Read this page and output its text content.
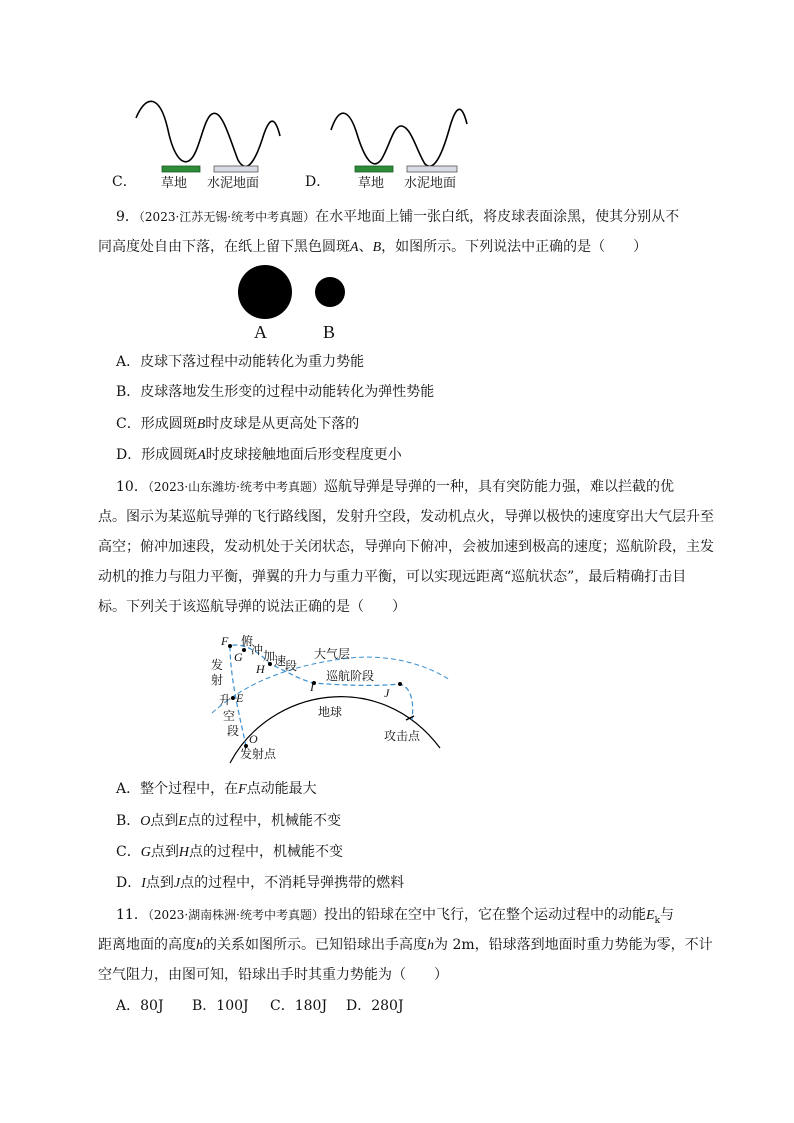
C．	D．
草地 水泥地面	草地 水泥地面
9．（2023·江苏无锡·统考中考真题）在水平地面上铺一张白纸，将皮球表面涂黑，使其分别从不
同高度处自由下落，在纸上留下黑色圆斑A、B，如图所示。下列说法中正确的是（　　）
A	B
A．皮球下落过程中动能转化为重力势能
B．皮球落地发生形变的过程中动能转化为弹性势能
C．形成圆斑B时皮球是从更高处下落的
D．形成圆斑A时皮球接触地面后形变程度更小
10．（2023·山东潍坊·统考中考真题）巡航导弹是导弹的一种，具有突防能力强，难以拦截的优
点。图示为某巡航导弹的飞行路线图，发射升空段，发动机点火，导弹以极快的速度穿出大气层升至
高空；俯冲加速段，发动机处于关闭状态，导弹向下俯冲，会被加速到极高的速度；巡航阶段，主发
动机的推力与阻力平衡，弹翼的升力与重力平衡，可以实现远距离“巡航状态”，最后精确打击目
标。下列关于该巡航导弹的说法正确的是（　　）
F
G
H
E
O
I	J
俯
冲 加
速
段
发
射
升
空
段
大气层
巡航阶段
地球
发射点
攻击点
A．整个过程中，在F点动能最大
B．O点到E点的过程中，机械能不变
C．G点到H点的过程中，机械能不变
D．I点到J点的过程中，不消耗导弹携带的燃料
11．（2023·湖南株洲·统考中考真题）投出的铅球在空中飞行，它在整个运动过程中的动能$E_k$与
距离地面的高度h的关系如图所示。已知铅球出手高度h为 2m，铅球落到地面时重力势能为零，不计
空气阻力，由图可知，铅球出手时其重力势能为（　　）
A．80J B．100J C．180J D．280J
